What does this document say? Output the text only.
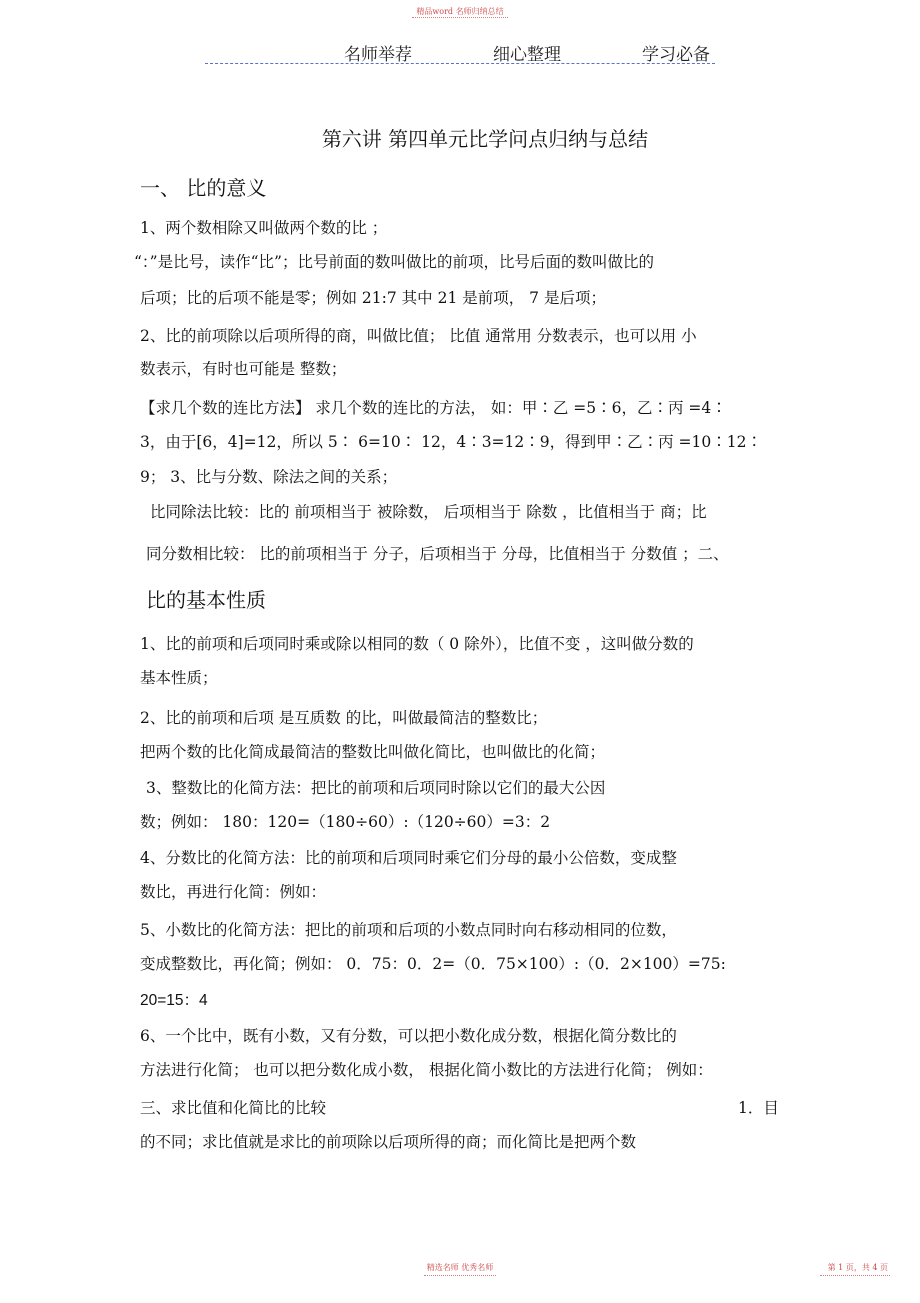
精品word 名师归纳总结
名师举荐	细心整理	学习必备
第六讲 第四单元比学问点归纳与总结
一、 比的意义
1、两个数相除又叫做两个数的比 ；
“：”是比号，读作“比”；比号前面的数叫做比的前项，比号后面的数叫做比的
后项；比的后项不能是零；例如 21:7 其中 21 是前项， 7 是后项；
2、比的前项除以后项所得的商，叫做比值； 比值 通常用 分数表示，也可以用 小
数表示，有时也可能是 整数；
【求几个数的连比方法】 求几个数的连比的方法， 如：甲∶乙 =5∶6，乙∶丙 =4∶
3，由于[6，4]=12，所以 5∶ 6=10∶ 12，4∶3=12∶9，得到甲∶乙∶丙 =10∶12∶
9； 3、比与分数、除法之间的关系；
比同除法比较：比的 前项相当于 被除数， 后项相当于 除数 ，比值相当于 商；比
同分数相比较： 比的前项相当于 分子，后项相当于 分母，比值相当于 分数值 ；二、
比的基本性质
1、比的前项和后项同时乘或除以相同的数（ 0 除外），比值不变 ，这叫做分数的
基本性质；
2、比的前项和后项 是互质数 的比，叫做最简洁的整数比；
把两个数的比化简成最简洁的整数比叫做化简比，也叫做比的化简；
3、整数比的化简方法：把比的前项和后项同时除以它们的最大公因
数；例如： 180：120=（180÷60）:（120÷60）=3：2
4、分数比的化简方法：比的前项和后项同时乘它们分母的最小公倍数，变成整
数比，再进行化简：例如：
5、小数比的化简方法：把比的前项和后项的小数点同时向右移动相同的位数，
变成整数比，再化简；例如： 0．75：0．2=（0．75×100）:（0．2×100）=75:
20=15：4
6、一个比中，既有小数，又有分数，可以把小数化成分数，根据化简分数比的
方法进行化简； 也可以把分数化成小数， 根据化简小数比的方法进行化简； 例如：
三、求比值和化简比的比较	1．目
的不同；求比值就是求比的前项除以后项所得的商；而化简比是把两个数
精选名师 优秀名师	第 1 页，共 4 页
